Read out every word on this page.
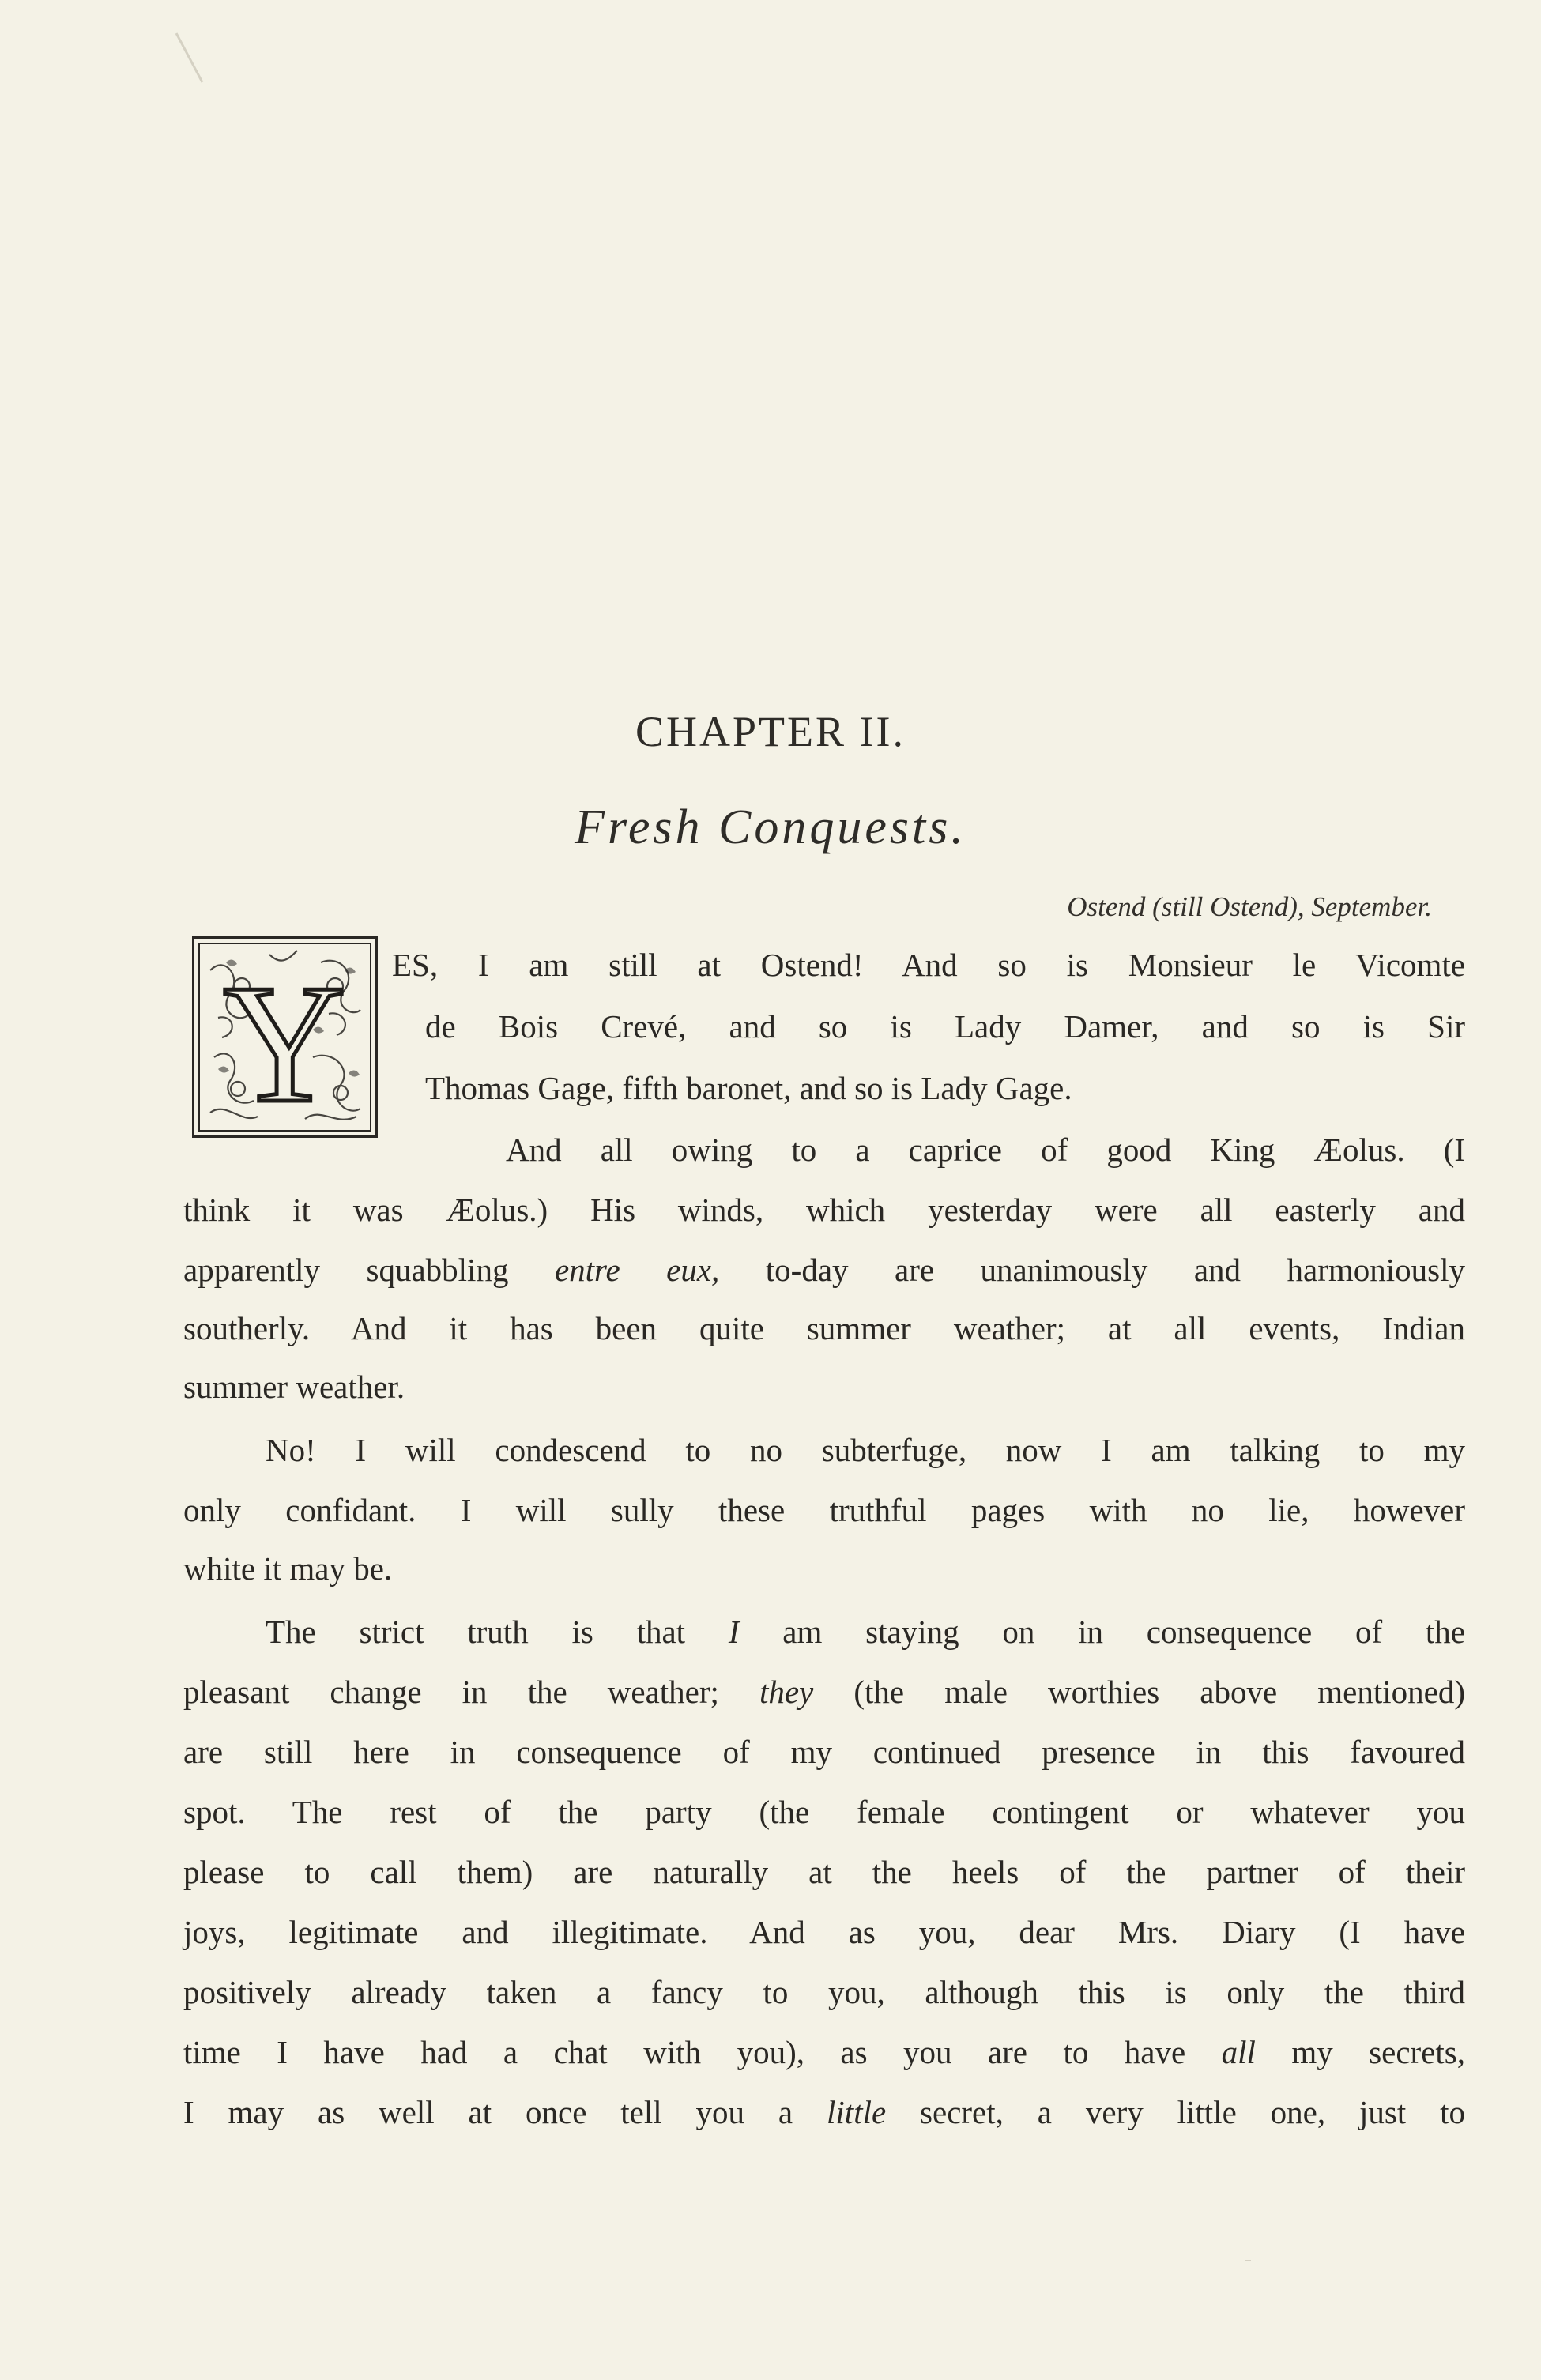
CHAPTER II.
Fresh Conquests.
Ostend (still Ostend), September.
Y ES, I am still at Ostend! And so is Monsieur le Vicomte
de Bois Crevé, and so is Lady Damer, and so is Sir
Thomas Gage, fifth baronet, and so is Lady Gage.
And all owing to a caprice of good King Æolus. (I
think it was Æolus.) His winds, which yesterday were all easterly and
apparently squabbling entre eux, to-day are unanimously and harmoniously
southerly. And it has been quite summer weather; at all events, Indian
summer weather.
No! I will condescend to no subterfuge, now I am talking to my
only confidant. I will sully these truthful pages with no lie, however
white it may be.
The strict truth is that I am staying on in consequence of the
pleasant change in the weather; they (the male worthies above mentioned)
are still here in consequence of my continued presence in this favoured
spot. The rest of the party (the female contingent or whatever you
please to call them) are naturally at the heels of the partner of their
joys, legitimate and illegitimate. And as you, dear Mrs. Diary (I have
positively already taken a fancy to you, although this is only the third
time I have had a chat with you), as you are to have all my secrets,
I may as well at once tell you a little secret, a very little one, just to
